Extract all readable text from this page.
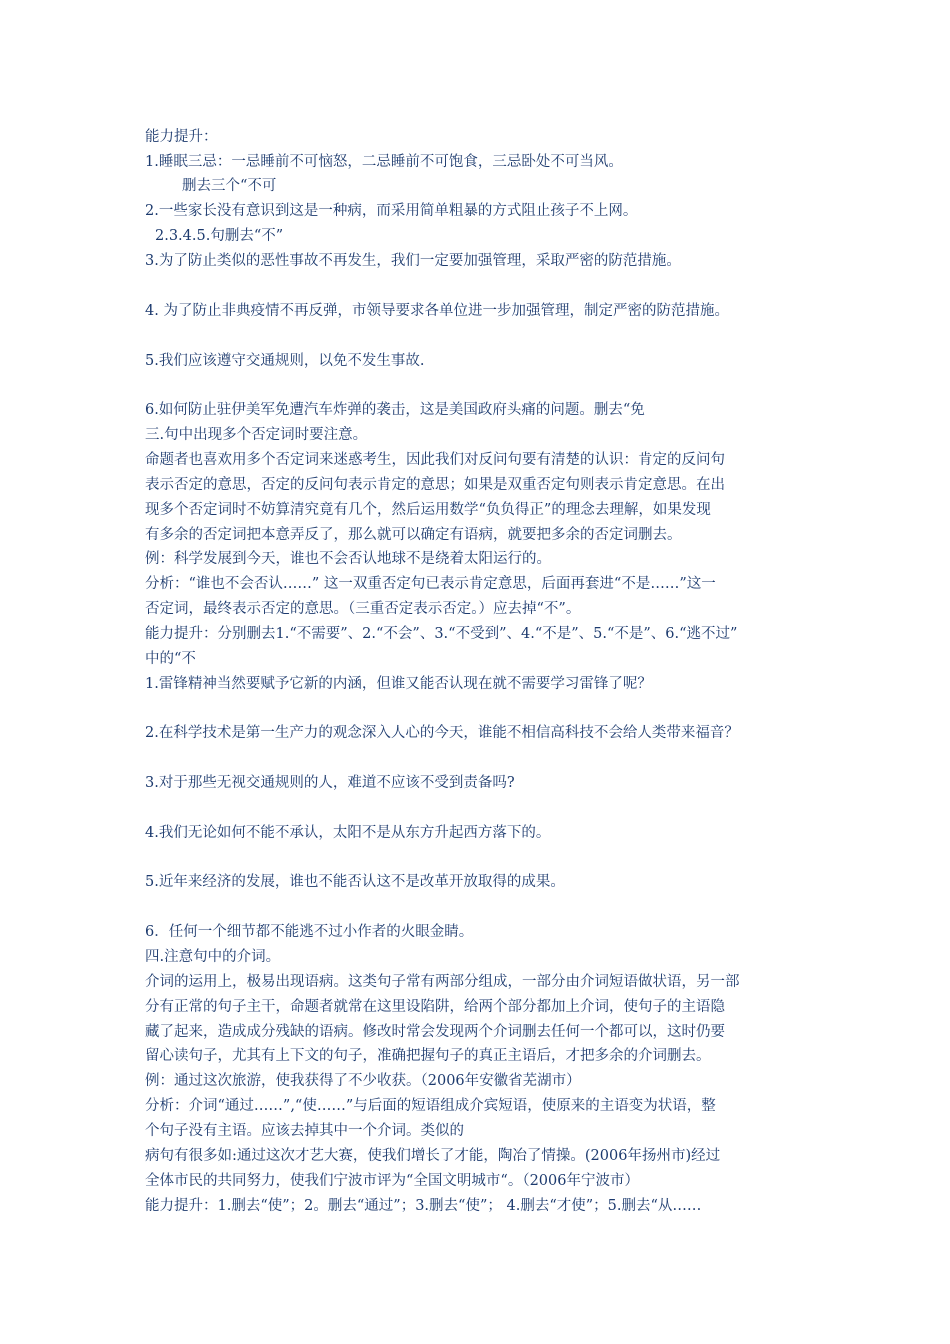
能力提升：
1.睡眠三忌：一忌睡前不可恼怒，二忌睡前不可饱食，三忌卧处不可当风。
删去三个“不可
2.一些家长没有意识到这是一种病，而采用简单粗暴的方式阻止孩子不上网。
2.3.4.5.句删去“不”
3.为了防止类似的恶性事故不再发生，我们一定要加强管理，采取严密的防范措施。
4. 为了防止非典疫情不再反弹，市领导要求各单位进一步加强管理，制定严密的防范措施。
5.我们应该遵守交通规则，以免不发生事故.
6.如何防止驻伊美军免遭汽车炸弹的袭击，这是美国政府头痛的问题。删去“免
三.句中出现多个否定词时要注意。
命题者也喜欢用多个否定词来迷惑考生，因此我们对反问句要有清楚的认识：肯定的反问句
表示否定的意思，否定的反问句表示肯定的意思；如果是双重否定句则表示肯定意思。在出
现多个否定词时不妨算清究竟有几个，然后运用数学“负负得正”的理念去理解，如果发现
有多余的否定词把本意弄反了，那么就可以确定有语病，就要把多余的否定词删去。
例：科学发展到今天，谁也不会否认地球不是绕着太阳运行的。
分析：“谁也不会否认……” 这一双重否定句已表示肯定意思，后面再套进“不是……”这一
否定词，最终表示否定的意思。（三重否定表示否定。）应去掉“不”。
能力提升：分别删去1.“不需要”、2.“不会”、3.“不受到”、4.“不是”、5.“不是”、6.“逃不过”
中的“不
1.雷锋精神当然要赋予它新的内涵，但谁又能否认现在就不需要学习雷锋了呢？
2.在科学技术是第一生产力的观念深入人心的今天，谁能不相信高科技不会给人类带来福音？
3.对于那些无视交通规则的人，难道不应该不受到责备吗?
4.我们无论如何不能不承认，太阳不是从东方升起西方落下的。
5.近年来经济的发展，谁也不能否认这不是改革开放取得的成果。
6．任何一个细节都不能逃不过小作者的火眼金睛。
四.注意句中的介词。
介词的运用上，极易出现语病。这类句子常有两部分组成，一部分由介词短语做状语，另一部
分有正常的句子主干，命题者就常在这里设陷阱，给两个部分都加上介词，使句子的主语隐
藏了起来，造成成分残缺的语病。修改时常会发现两个介词删去任何一个都可以，这时仍要
留心读句子，尤其有上下文的句子，准确把握句子的真正主语后，才把多余的介词删去。
例：通过这次旅游，使我获得了不少收获。（2006年安徽省芜湖市）
分析：介词“通过……”,“使……”与后面的短语组成介宾短语，使原来的主语变为状语，整
个句子没有主语。应该去掉其中一个介词。类似的
病句有很多如:通过这次才艺大赛，使我们增长了才能，陶冶了情操。(2006年扬州市)经过
全体市民的共同努力，使我们宁波市评为“全国文明城市“。（2006年宁波市）
能力提升：1.删去“使”；2。删去“通过”；3.删去“使”； 4.删去“才使”；5.删去“从……
